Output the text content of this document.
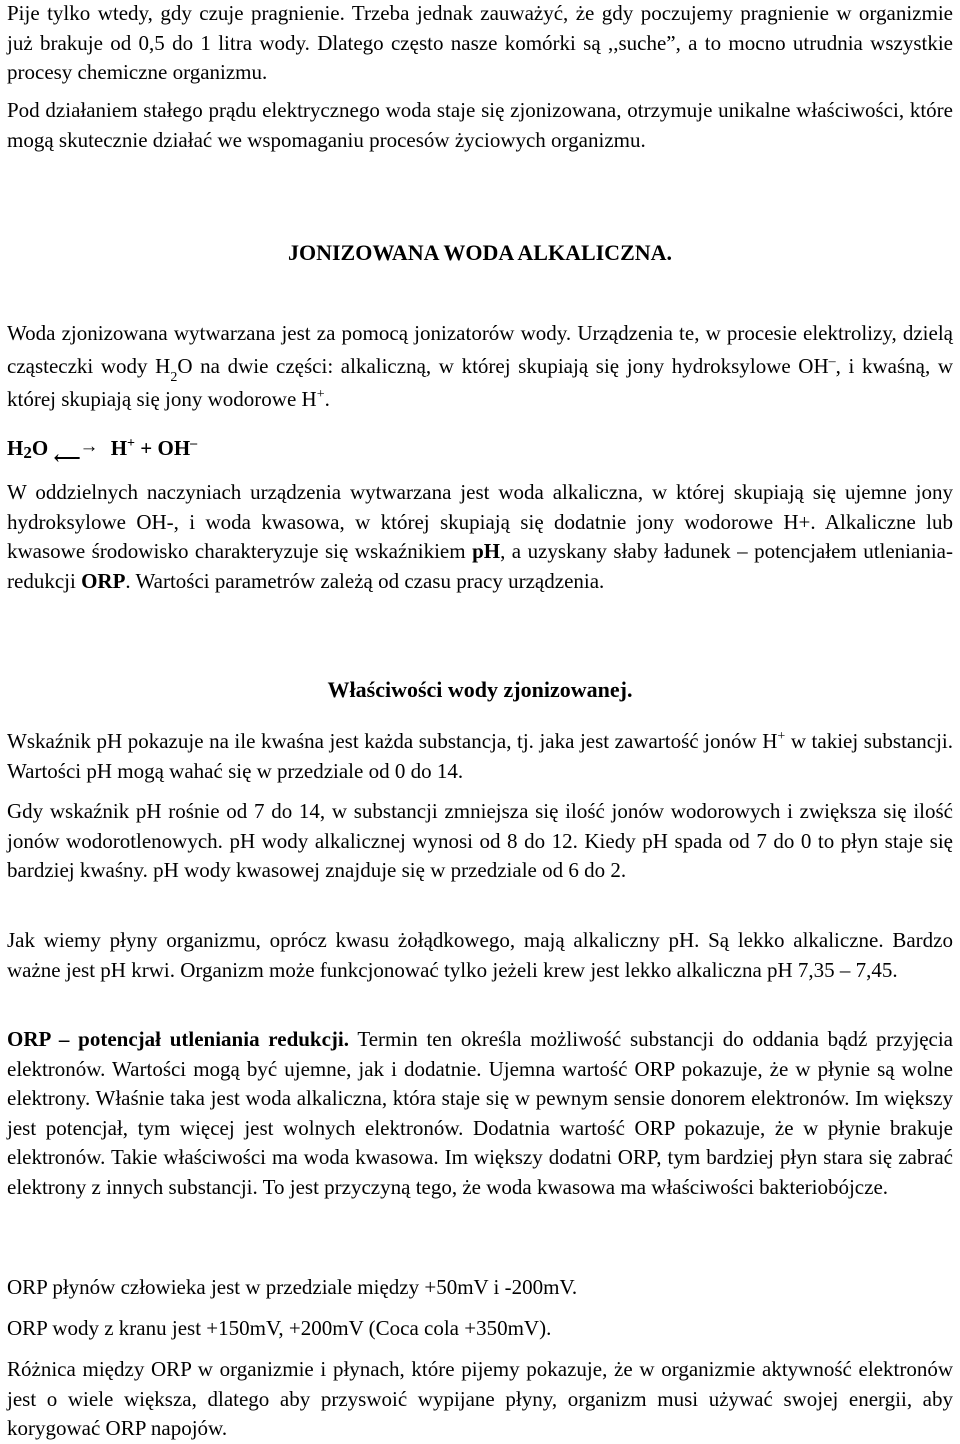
Pije tylko wtedy, gdy czuje pragnienie. Trzeba jednak zauważyć, że gdy poczujemy pragnienie w organizmie już brakuje od 0,5 do 1 litra wody. Dlatego często nasze komórki są ,,suche”, a to mocno utrudnia wszystkie procesy chemiczne organizmu.

Pod działaniem stałego prądu elektrycznego woda staje się zjonizowana, otrzymuje unikalne właściwości, które mogą skutecznie działać we wspomaganiu procesów życiowych organizmu.

JONIZOWANA WODA ALKALICZNA.

Woda zjonizowana wytwarzana jest za pomocą jonizatorów wody. Urządzenia te, w procesie elektrolizy, dzielą cząsteczki wody $H_2O$ na dwie części: alkaliczną, w której skupiają się jony hydroksylowe OH–, i kwaśną, w której skupiają się jony wodorowe H+.

H2O ⟵
→ H+ + OH–

W oddzielnych naczyniach urządzenia wytwarzana jest woda alkaliczna, w której skupiają się ujemne jony hydroksylowe OH-, i woda kwasowa, w której skupiają się dodatnie jony wodorowe H+. Alkaliczne lub kwasowe środowisko charakteryzuje się wskaźnikiem pH, a uzyskany słaby ładunek – potencjałem utleniania-redukcji ORP. Wartości parametrów zależą od czasu pracy urządzenia.

Właściwości wody zjonizowanej.

Wskaźnik pH pokazuje na ile kwaśna jest każda substancja, tj. jaka jest zawartość jonów H+ w takiej substancji. Wartości pH mogą wahać się w przedziale od 0 do 14.

Gdy wskaźnik pH rośnie od 7 do 14, w substancji zmniejsza się ilość jonów wodorowych i zwiększa się ilość jonów wodorotlenowych. pH wody alkalicznej wynosi od 8 do 12. Kiedy pH spada od 7 do 0 to płyn staje się bardziej kwaśny. pH wody kwasowej znajduje się w przedziale od 6 do 2.

Jak wiemy płyny organizmu, oprócz kwasu żołądkowego, mają alkaliczny pH. Są lekko alkaliczne. Bardzo ważne jest pH krwi. Organizm może funkcjonować tylko jeżeli krew jest lekko alkaliczna pH 7,35 – 7,45.

ORP – potencjał utleniania redukcji. Termin ten określa możliwość substancji do oddania bądź przyjęcia elektronów. Wartości mogą być ujemne, jak i dodatnie. Ujemna wartość ORP pokazuje, że w płynie są wolne elektrony. Właśnie taka jest woda alkaliczna, która staje się w pewnym sensie donorem elektronów. Im większy jest potencjał, tym więcej jest wolnych elektronów. Dodatnia wartość ORP pokazuje, że w płynie brakuje elektronów. Takie właściwości ma woda kwasowa. Im większy dodatni ORP, tym bardziej płyn stara się zabrać elektrony z innych substancji. To jest przyczyną tego, że woda kwasowa ma właściwości bakteriobójcze.

ORP płynów człowieka jest w przedziale między +50mV i -200mV.

ORP wody z kranu jest +150mV, +200mV (Coca cola +350mV).

Różnica między ORP w organizmie i płynach, które pijemy pokazuje, że w organizmie aktywność elektronów jest o wiele większa, dlatego aby przyswoić wypijane płyny, organizm musi używać swojej energii, aby korygować ORP napojów.
